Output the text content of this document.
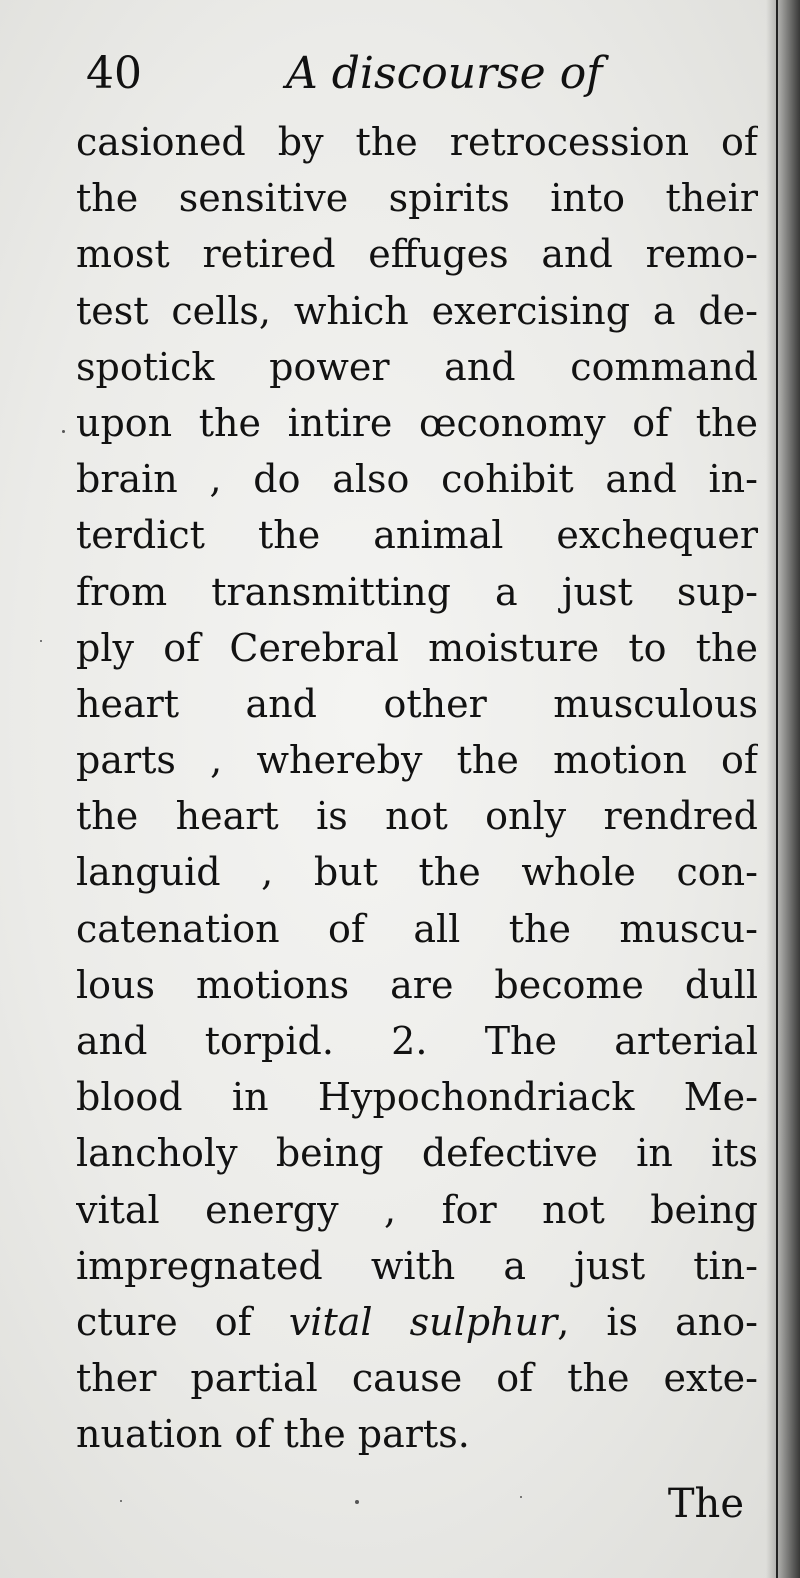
40	A discourse of
casioned by the retrocession of
the sensitive spirits into their
most retired effuges and remo-
test cells, which exercising a de-
spotick power and command
upon the intire œconomy of the
brain , do also cohibit and in-
terdict the animal exchequer
from transmitting a just sup-
ply of Cerebral moisture to the
heart and other musculous
parts , whereby the motion of
the heart is not only rendred
languid , but the whole con-
catenation of all the muscu-
lous motions are become dull
and torpid. 2. The arterial
blood in Hypochondriack Me-
lancholy being defective in its
vital energy , for not being
impregnated with a just tin-
cture of vital sulphur, is ano-
ther partial cause of the exte-
nuation of the parts.
The
